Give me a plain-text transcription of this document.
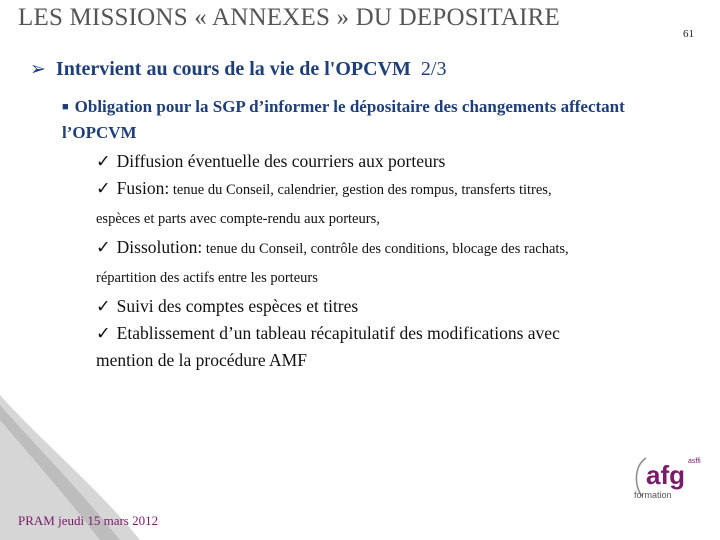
LES MISSIONS « ANNEXES » DU DEPOSITAIRE
61
➢ Intervient au cours de la vie de l'OPCVM 2/3
■ Obligation pour la SGP d’informer le dépositaire des changements affectant l’OPCVM
✓ Diffusion éventuelle des courriers aux porteurs
✓ Fusion: tenue du Conseil, calendrier, gestion des rompus, transferts titres,
espèces et parts avec compte-rendu aux porteurs,
✓ Dissolution: tenue du Conseil, contrôle des conditions, blocage des rachats,
répartition des actifs entre les porteurs
✓ Suivi des comptes espèces et titres
✓ Etablissement d’un tableau récapitulatif des modifications avec
mention de la procédure AMF
PRAM jeudi 15 mars 2012
afg asffi
formation
